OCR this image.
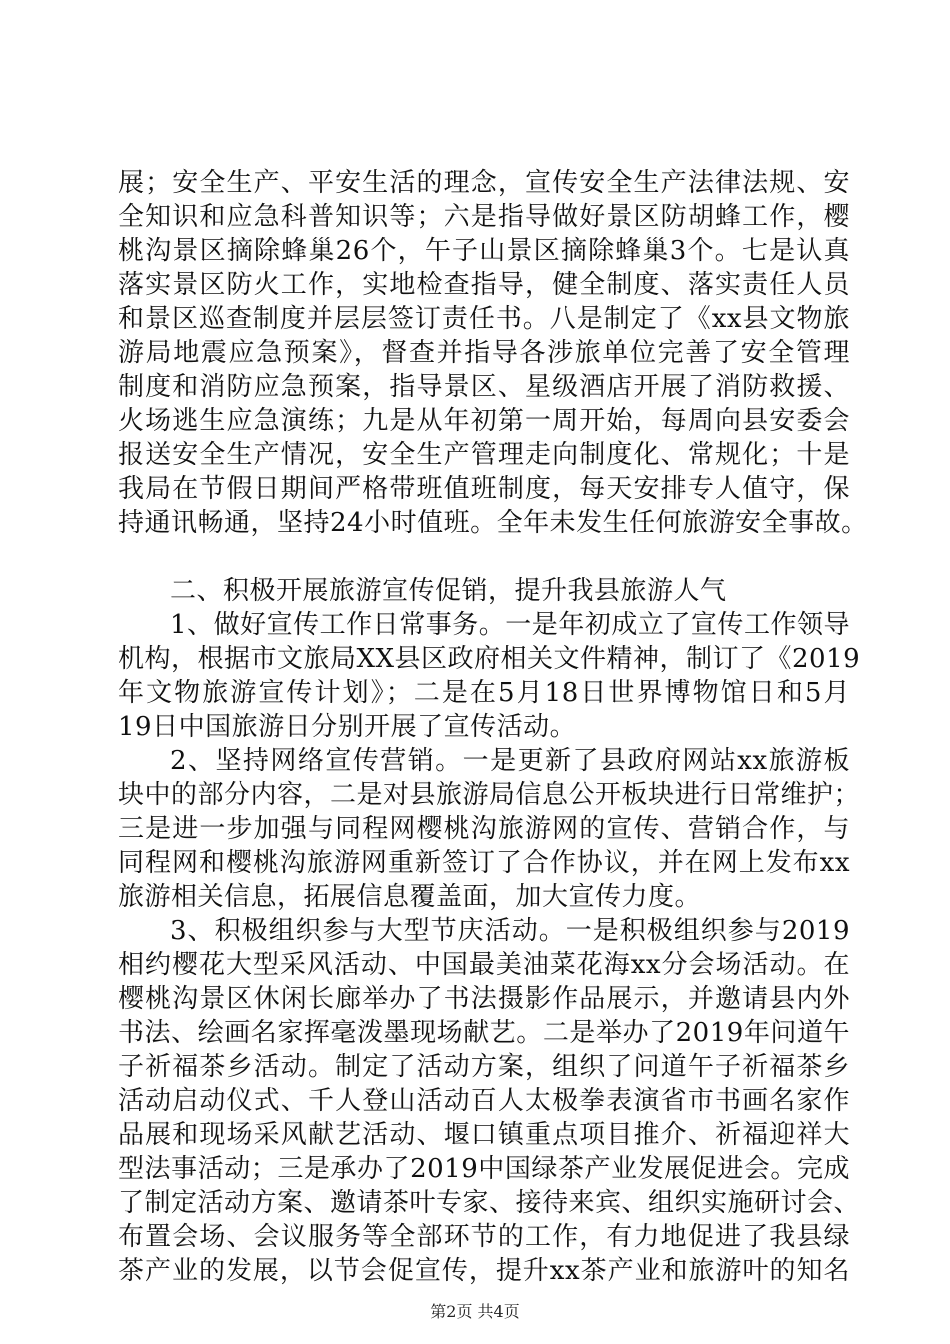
展；安全生产、平安生活的理念，宣传安全生产法律法规、安
全知识和应急科普知识等；六是指导做好景区防胡蜂工作，樱
桃沟景区摘除蜂巢26个，午子山景区摘除蜂巢3个。七是认真
落实景区防火工作，实地检查指导，健全制度、落实责任人员
和景区巡查制度并层层签订责任书。八是制定了《xx县文物旅
游局地震应急预案》，督查并指导各涉旅单位完善了安全管理
制度和消防应急预案，指导景区、星级酒店开展了消防救援、
火场逃生应急演练；九是从年初第一周开始，每周向县安委会
报送安全生产情况，安全生产管理走向制度化、常规化；十是
我局在节假日期间严格带班值班制度，每天安排专人值守，保
持通讯畅通，坚持24小时值班。全年未发生任何旅游安全事故。
二、积极开展旅游宣传促销，提升我县旅游人气
1、做好宣传工作日常事务。一是年初成立了宣传工作领导
机构，根据市文旅局XX县区政府相关文件精神，制订了《2019
年文物旅游宣传计划》；二是在5月18日世界博物馆日和5月
19日中国旅游日分别开展了宣传活动。
2、坚持网络宣传营销。一是更新了县政府网站xx旅游板
块中的部分内容，二是对县旅游局信息公开板块进行日常维护；
三是进一步加强与同程网樱桃沟旅游网的宣传、营销合作，与
同程网和樱桃沟旅游网重新签订了合作协议，并在网上发布xx
旅游相关信息，拓展信息覆盖面，加大宣传力度。
3、积极组织参与大型节庆活动。一是积极组织参与2019
相约樱花大型采风活动、中国最美油菜花海xx分会场活动。在
樱桃沟景区休闲长廊举办了书法摄影作品展示，并邀请县内外
书法、绘画名家挥毫泼墨现场献艺。二是举办了2019年问道午
子祈福茶乡活动。制定了活动方案，组织了问道午子祈福茶乡
活动启动仪式、千人登山活动百人太极拳表演省市书画名家作
品展和现场采风献艺活动、堰口镇重点项目推介、祈福迎祥大
型法事活动；三是承办了2019中国绿茶产业发展促进会。完成
了制定活动方案、邀请茶叶专家、接待来宾、组织实施研讨会、
布置会场、会议服务等全部环节的工作，有力地促进了我县绿
茶产业的发展，以节会促宣传，提升xx茶产业和旅游叶的知名
第2页 共4页
